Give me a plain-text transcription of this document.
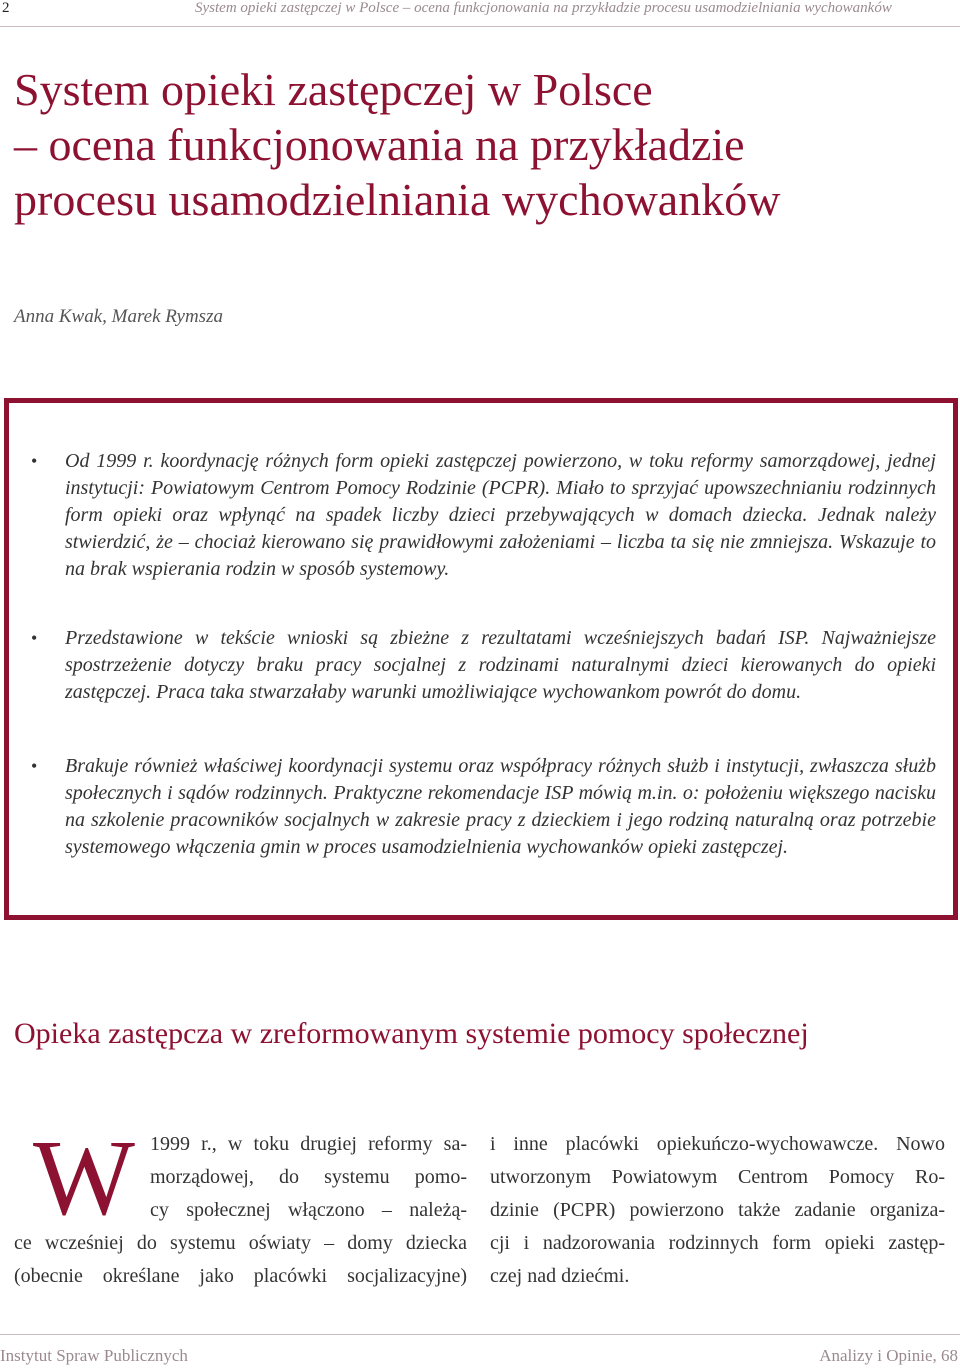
2	System opieki zastępczej w Polsce – ocena funkcjonowania na przykładzie procesu usamodzielniania wychowanków
System opieki zastępczej w Polsce
– ocena funkcjonowania na przykładzie
procesu usamodzielniania wychowanków

Anna Kwak, Marek Rymsza

• Od 1999 r. koordynację różnych form opieki zastępczej powierzono, w toku reformy samorządowej, jednej instytucji: Powiatowym Centrom Pomocy Rodzinie (PCPR). Miało to sprzyjać upowszechnianiu rodzinnych form opieki oraz wpłynąć na spadek liczby dzieci przebywających w domach dziecka. Jednak należy stwierdzić, że – chociaż kierowano się prawidłowymi założeniami – liczba ta się nie zmniejsza. Wskazuje to na brak wspierania rodzin w sposób systemowy.
• Przedstawione w tekście wnioski są zbieżne z rezultatami wcześniejszych badań ISP. Najważniejsze spostrzeżenie dotyczy braku pracy socjalnej z rodzinami naturalnymi dzieci kierowanych do opieki zastępczej. Praca taka stwarzałaby warunki umożliwiające wychowankom powrót do domu.
• Brakuje również właściwej koordynacji systemu oraz współpracy różnych służb i instytucji, zwłaszcza służb społecznych i sądów rodzinnych. Praktyczne rekomendacje ISP mówią m.in. o: położeniu większego nacisku na szkolenie pracowników socjalnych w zakresie pracy z dzieckiem i jego rodziną naturalną oraz potrzebie systemowego włączenia gmin w proces usamodzielnienia wychowanków opieki zastępczej.
Opieka zastępcza w zreformowanym systemie pomocy społecznej
W 1999 r., w toku drugiej reformy sa-
morządowej, do systemu pomo-
cy społecznej włączono – należą-
ce wcześniej do systemu oświaty – domy dziecka
(obecnie określane jako placówki socjalizacyjne)
i inne placówki opiekuńczo-wychowawcze. Nowo
utworzonym Powiatowym Centrom Pomocy Ro-
dzinie (PCPR) powierzono także zadanie organiza-
cji i nadzorowania rodzinnych form opieki zastęp-
czej nad dziećmi.
Instytut Spraw Publicznych	Analizy i Opinie, 68
